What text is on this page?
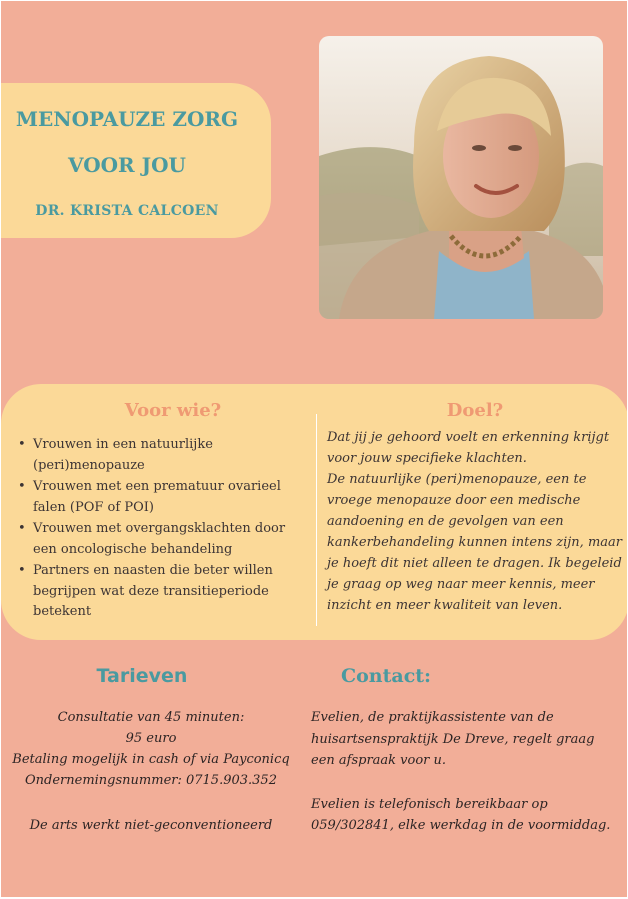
MENOPAUZE ZORG
VOOR JOU
DR. KRISTA CALCOEN
Voor wie?
• Vrouwen in een natuurlijke (peri)menopauze
• Vrouwen met een prematuur ovarieel falen (POF of POI)
• Vrouwen met overgangsklachten door een oncologische behandeling
• Partners en naasten die beter willen begrijpen wat deze transitieperiode betekent
Doel?

Dat jij je gehoord voelt en erkenning krijgt voor jouw specifieke klachten.

De natuurlijke (peri)menopauze, een te vroege menopauze door een medische aandoening en de gevolgen van een kankerbehandeling kunnen intens zijn, maar je hoeft dit niet alleen te dragen. Ik begeleid je graag op weg naar meer kennis, meer inzicht en meer kwaliteit van leven.

Tarieven	Contact:

Consultatie van 45 minuten:

95 euro

Betaling mogelijk in cash of via Payconicq

Ondernemingsnummer: 0715.903.352

De arts werkt niet-geconventioneerd

Evelien, de praktijkassistente van de huisartsenspraktijk De Dreve, regelt graag een afspraak voor u.

Evelien is telefonisch bereikbaar op 059/302841, elke werkdag in de voormiddag.
